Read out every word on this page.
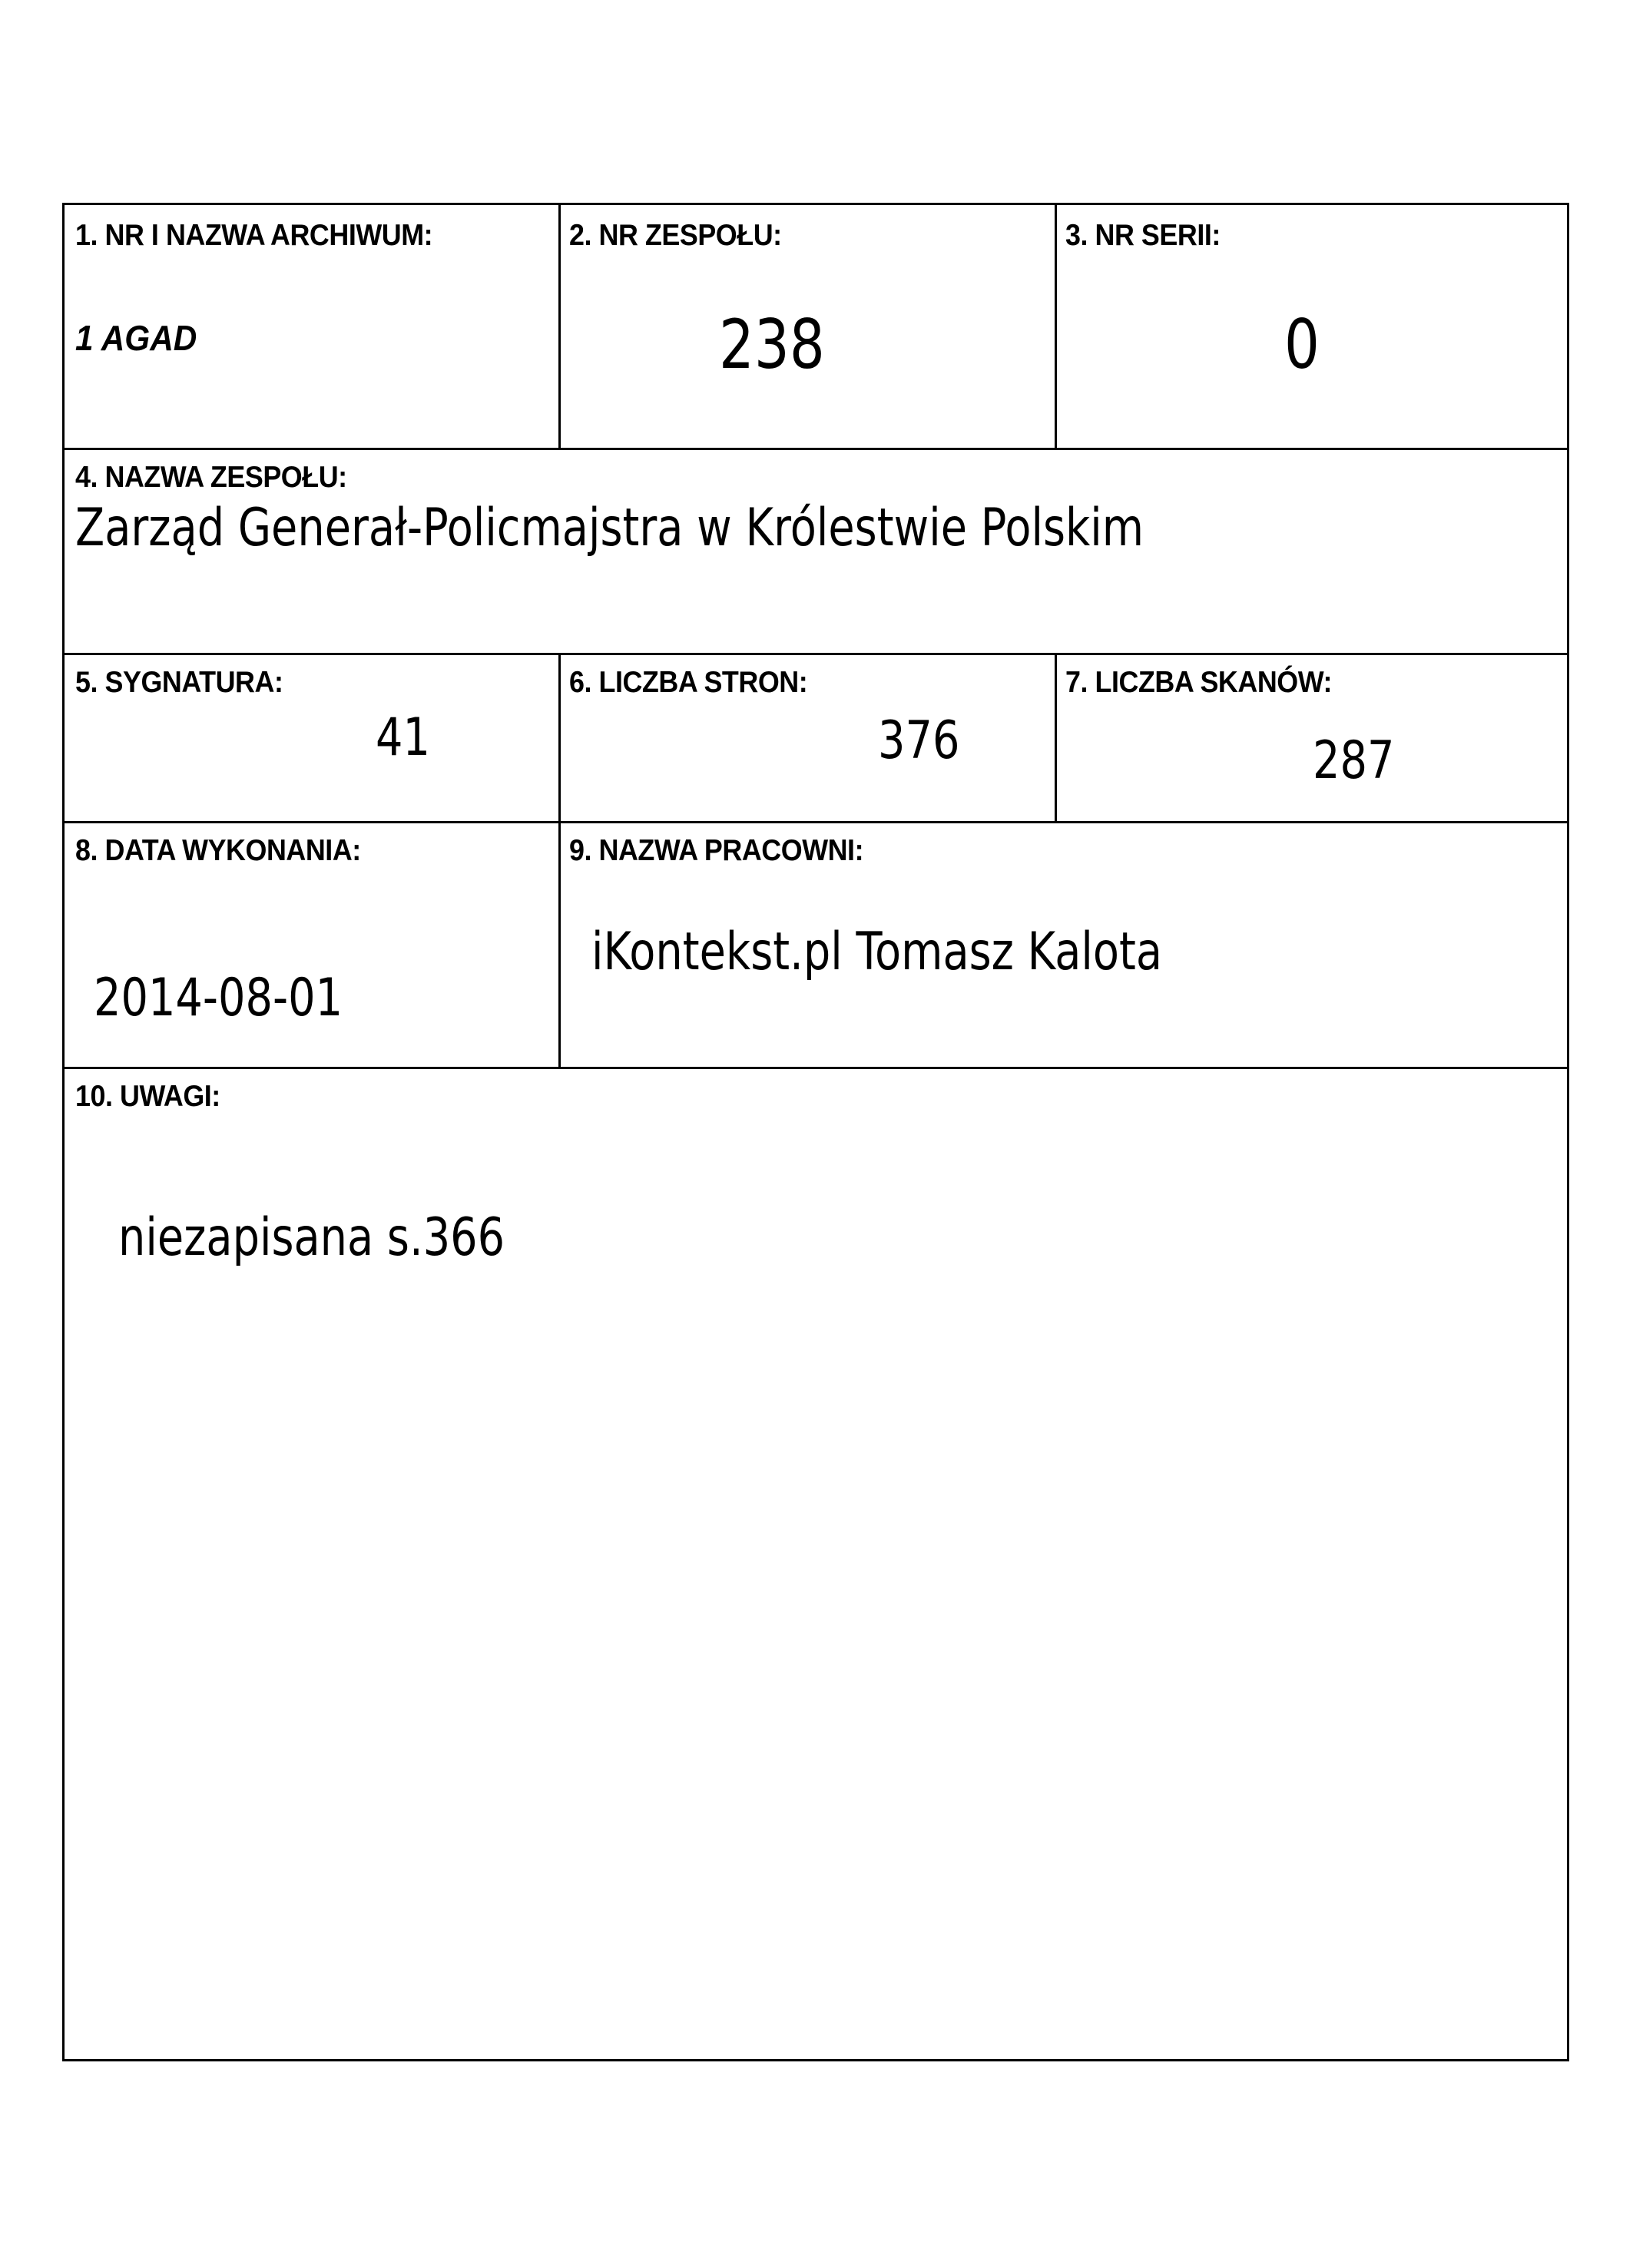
1. NR I NAZWA ARCHIWUM:
1 AGAD
2. NR ZESPOŁU:
238
3. NR SERII:
0
4. NAZWA ZESPOŁU:
Zarząd Generał-Policmajstra w Królestwie Polskim
5. SYGNATURA:
41
6. LICZBA STRON:
376
7. LICZBA SKANÓW:
287
8. DATA WYKONANIA:
2014-08-01
9. NAZWA PRACOWNI:
iKontekst.pl Tomasz Kalota
10. UWAGI:
niezapisana s.366
